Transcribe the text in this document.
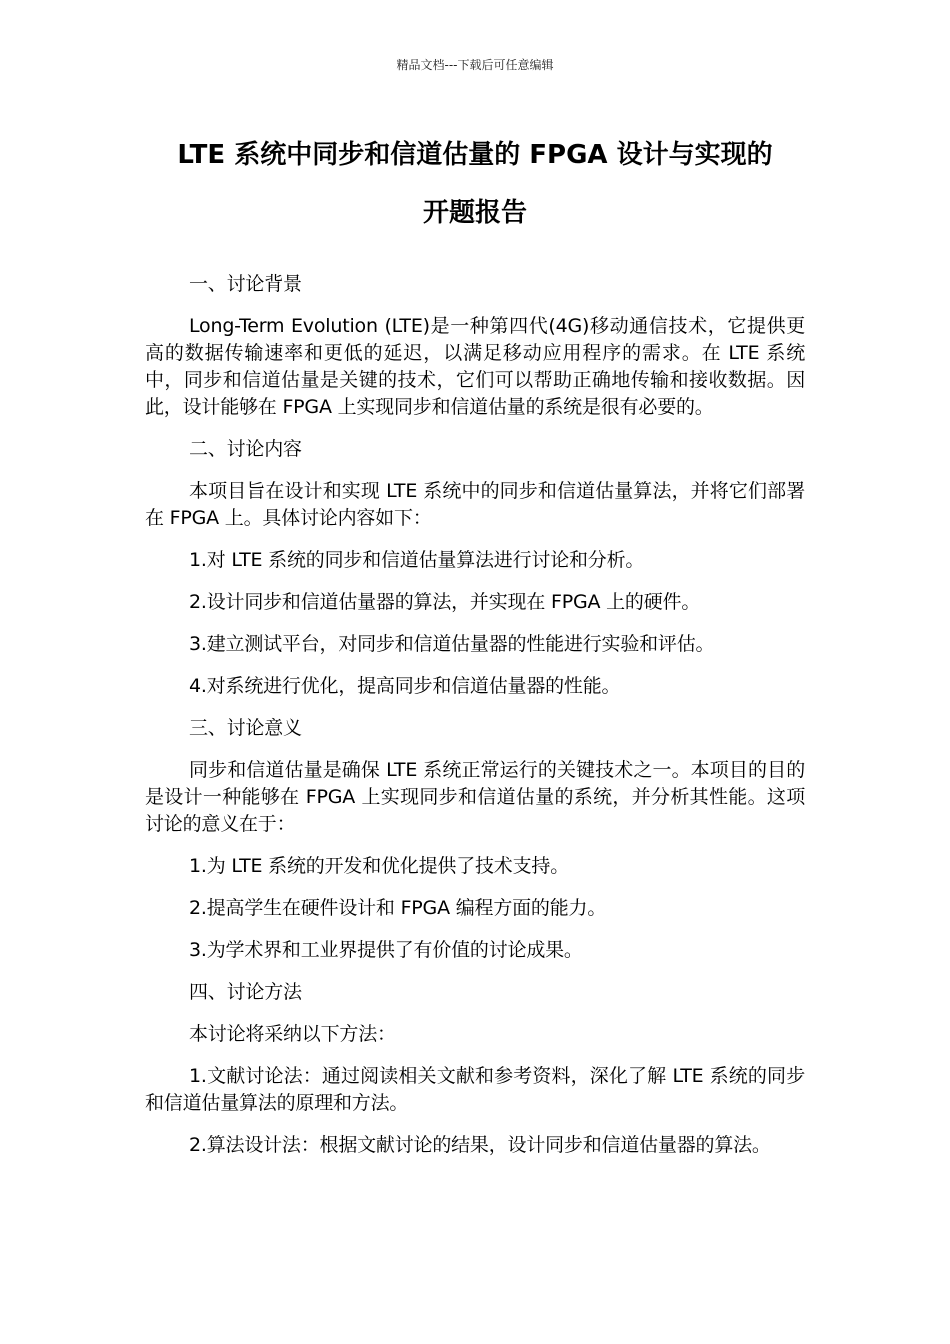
精品文档---下载后可任意编辑
LTE 系统中同步和信道估量的 FPGA 设计与实现的
开题报告

一、讨论背景

Long-Term Evolution (LTE)是一种第四代(4G)移动通信技术，它提供更高的数据传输速率和更低的延迟，以满足移动应用程序的需求。在 LTE 系统中，同步和信道估量是关键的技术，它们可以帮助正确地传输和接收数据。因此，设计能够在 FPGA 上实现同步和信道估量的系统是很有必要的。

二、讨论内容

本项目旨在设计和实现 LTE 系统中的同步和信道估量算法，并将它们部署在 FPGA 上。具体讨论内容如下：

1.对 LTE 系统的同步和信道估量算法进行讨论和分析。

2.设计同步和信道估量器的算法，并实现在 FPGA 上的硬件。

3.建立测试平台，对同步和信道估量器的性能进行实验和评估。

4.对系统进行优化，提高同步和信道估量器的性能。

三、讨论意义

同步和信道估量是确保 LTE 系统正常运行的关键技术之一。本项目的目的是设计一种能够在 FPGA 上实现同步和信道估量的系统，并分析其性能。这项讨论的意义在于：

1.为 LTE 系统的开发和优化提供了技术支持。

2.提高学生在硬件设计和 FPGA 编程方面的能力。

3.为学术界和工业界提供了有价值的讨论成果。

四、讨论方法

本讨论将采纳以下方法：

1.文献讨论法：通过阅读相关文献和参考资料，深化了解 LTE 系统的同步和信道估量算法的原理和方法。

2.算法设计法：根据文献讨论的结果，设计同步和信道估量器的算法。
